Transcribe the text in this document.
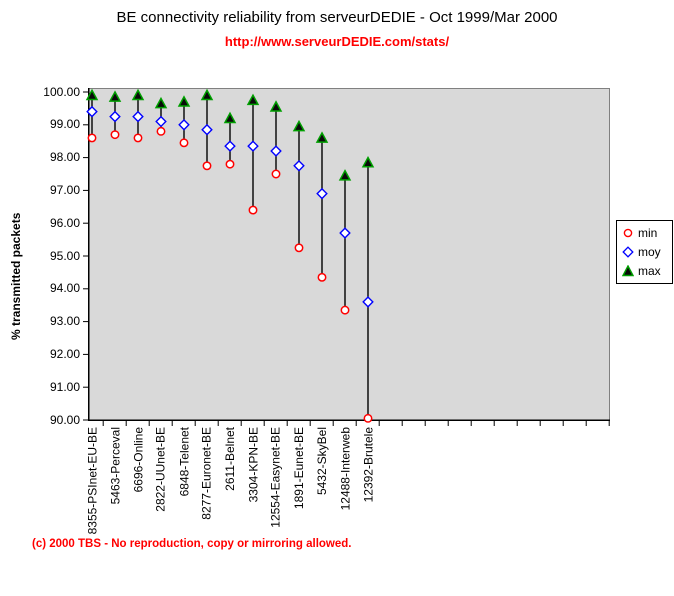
BE connectivity reliability from serveurDEDIE - Oct 1999/Mar 2000
http://www.serveurDEDIE.com/stats/
% transmitted packets
100.00
99.00
98.00
97.00
96.00
95.00
94.00
93.00
92.00
91.00
90.00
8355-PSInet-EU-BE 5463-Perceval 6696-Online 2822-UUnet-BE 6848-Telenet 8277-Euronet-BE 2611-Belnet 3304-KPN-BE 12554-Easynet-BE 1891-Eunet-BE 5432-SkyBel 12488-Interweb 12392-Brutele
min
moy
max
(c) 2000 TBS - No reproduction, copy or mirroring allowed.
